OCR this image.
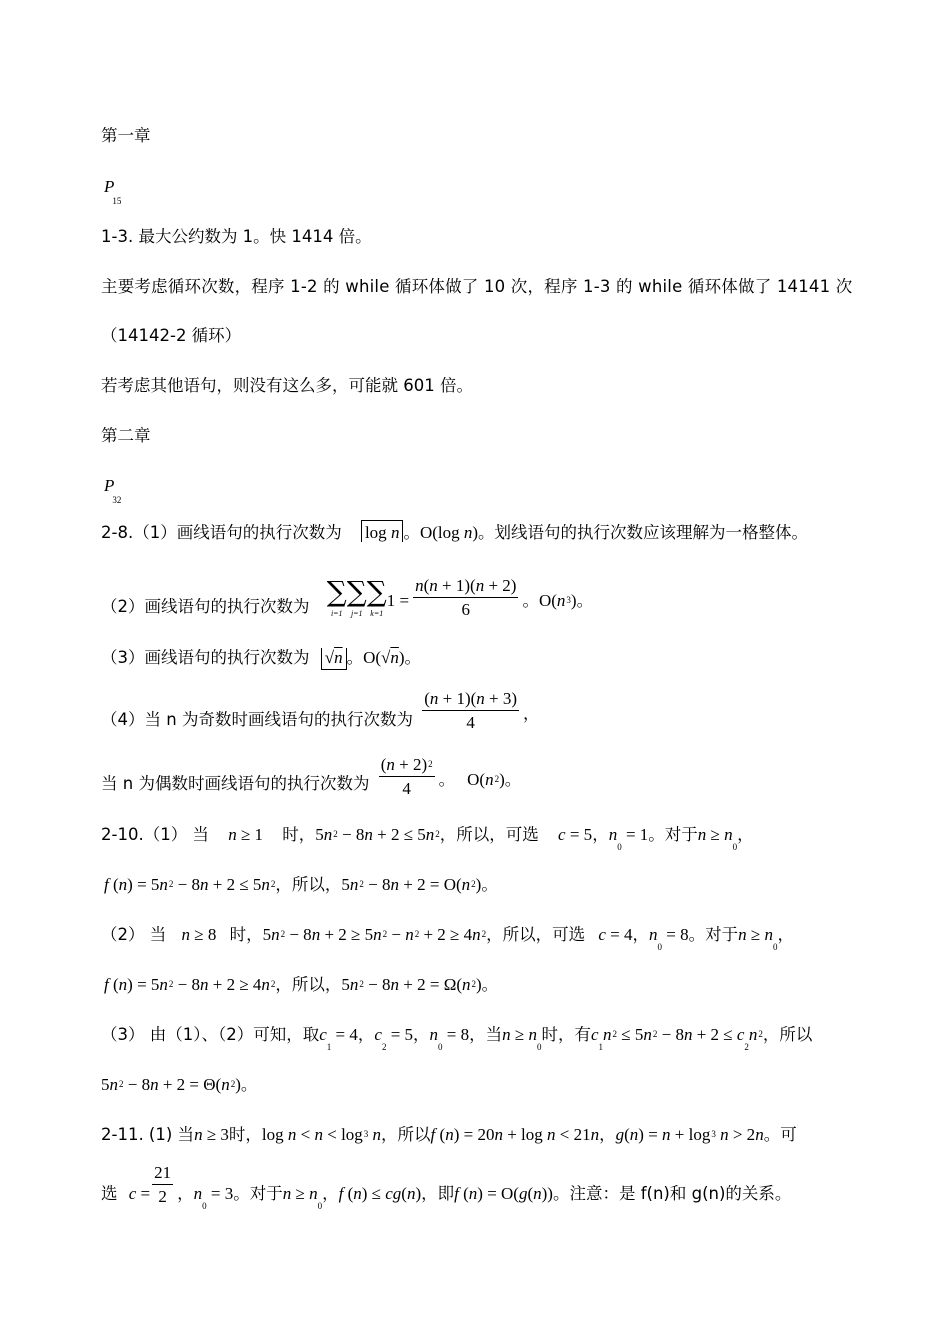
第一章
$P_{15}$
1-3. 最大公约数为 1。快 1414 倍。
主要考虑循环次数，程序 1-2 的 while 循环体做了 10 次，程序 1-3 的 while 循环体做了 14141 次
（14142-2 循环）
若考虑其他语句，则没有这么多，可能就 601 倍。
第二章
$P_{32}$
2-8.（1）画线语句的执行次数为 log n 。O(log n)。划线语句的执行次数应该理解为一格整体。
（2）画线语句的执行次数为 ∑
i=1
∑
j=1
∑
k=1
$1 = \frac{n(n + 1)(n + 2)}{6}$ 。O(n3)。
（3）画线语句的执行次数为 √n 。O(√n)。
（4）当 n 为奇数时画线语句的执行次数为 $\frac{(n + 1)(n + 3)}{4}$ ，
当 n 为偶数时画线语句的执行次数为 $\frac{(n + 2)2}{4}$ 。 O(n2)。
2-10.（1） 当 n ≥ 1 时，5n2 − 8n + 2 ≤ 5n2，所以，可选 c = 5，$n_0 = 1$。对于$n \ge n_0$，
f (n) = 5n2 − 8n + 2 ≤ 5n2，所以，5n2 − 8n + 2 = O(n2)。
（2） 当 n ≥ 8 时，5n2 − 8n + 2 ≥ 5n2 − n2 + 2 ≥ 4n2，所以，可选 c = 4，$n_0 = 8$。对于$n \ge n_0$，
f (n) = 5n2 − 8n + 2 ≥ 4n2，所以，5n2 − 8n + 2 = Ω(n2)。
（3） 由（1）、（2）可知，取$c_1 = 4$，$c_2 = 5$，$n_0 = 8$，当$n \ge n_0$时，有$c_1n2 \le 5n2 - 8n + 2 \le c_2n2$，所以
5n2 − 8n + 2 = Θ(n2)。
2-11. (1) 当n ≥ 3时，log n < n < log3 n，所以f (n) = 20n + log n < 21n，g(n) = n + log3 n > 2n。可
选 $c = \frac{21}{2}$ ，$n_0 = 3$。对于$n \ge n_0$，f (n) ≤ cg(n)，即f (n) = O(g(n))。注意：是 f(n)和 g(n)的关系。
